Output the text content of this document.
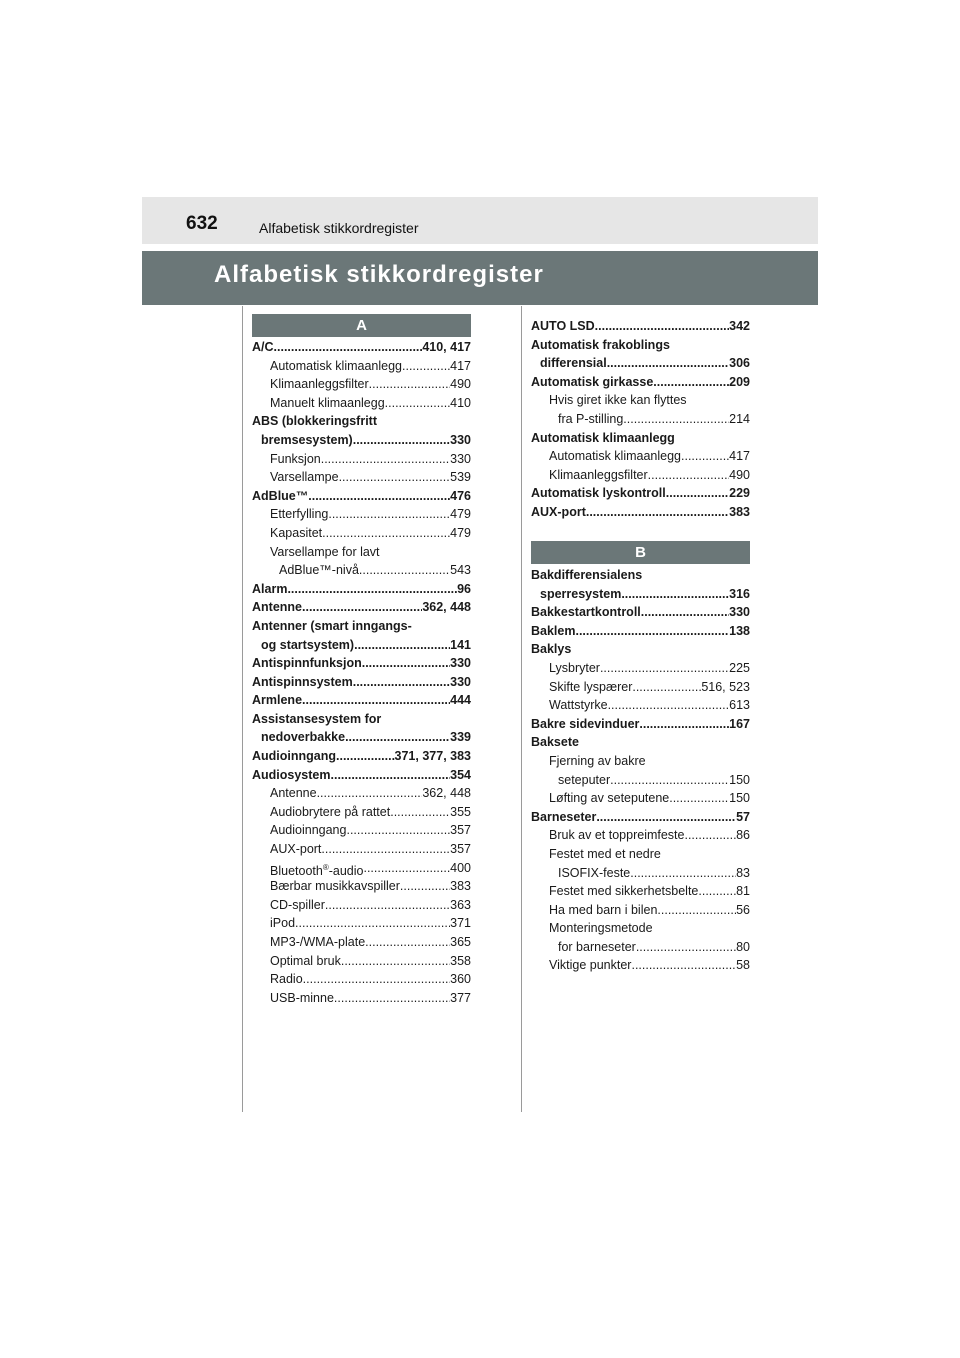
632	Alfabetisk stikkordregister
Alfabetisk stikkordregister
A
A/C .....	410, 417
Automatisk klimaanlegg .....	417
Klimaanleggsfilter .....	490
Manuelt klimaanlegg .....	410
ABS (blokkeringsfritt
bremsesystem) .....	330
Funksjon .....	330
Varsellampe .....	539
AdBlue™ .....	476
Etterfylling .....	479
Kapasitet .....	479
Varsellampe for lavt
AdBlue™-nivå .....	543
Alarm .....	96
Antenne .....	362, 448
Antenner (smart inngangs-
og startsystem) .....	141
Antispinnfunksjon .....	330
Antispinnsystem .....	330
Armlene .....	444
Assistansesystem for
nedoverbakke .....	339
Audioinngang .....	371, 377, 383
Audiosystem .....	354
Antenne .....	362, 448
Audiobrytere på rattet .....	355
Audioinngang .....	357
AUX-port .....	357
Bluetooth®-audio .....	400
Bærbar musikkavspiller .....	383
CD-spiller .....	363
iPod .....	371
MP3-/WMA-plate .....	365
Optimal bruk .....	358
Radio .....	360
USB-minne .....	377
AUTO LSD .....	342
Automatisk frakoblings
differensial .....	306
Automatisk girkasse .....	209
Hvis giret ikke kan flyttes
fra P-stilling .....	214
Automatisk klimaanlegg
Automatisk klimaanlegg .....	417
Klimaanleggsfilter .....	490
Automatisk lyskontroll .....	229
AUX-port .....	383
B
Bakdifferensialens
sperresystem .....	316
Bakkestartkontroll .....	330
Baklem .....	138
Baklys
Lysbryter .....	225
Skifte lyspærer .....	516, 523
Wattstyrke .....	613
Bakre sidevinduer .....	167
Baksete
Fjerning av bakre
seteputer .....	150
Løfting av seteputene .....	150
Barneseter .....	57
Bruk av et toppreimfeste .....	86
Festet med et nedre
ISOFIX-feste .....	83
Festet med sikkerhetsbelte .....	81
Ha med barn i bilen .....	56
Monteringsmetode
for barneseter .....	80
Viktige punkter .....	58
